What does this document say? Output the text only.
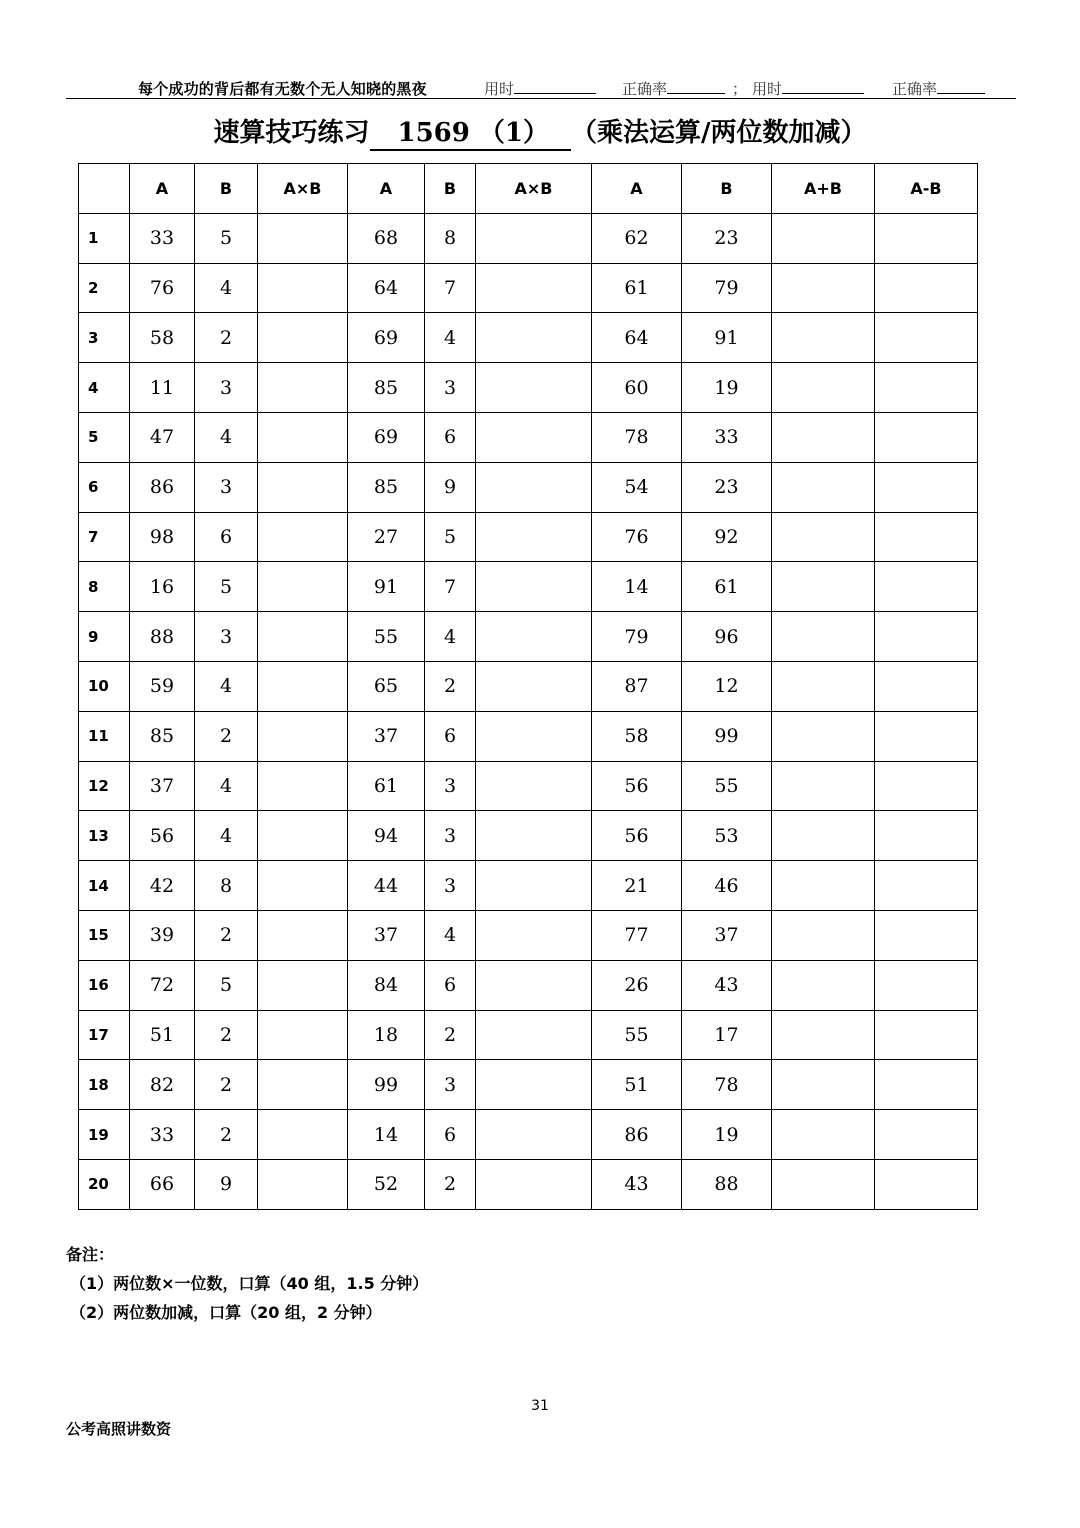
每个成功的背后都有无数个无人知晓的黑夜	用时	正确率	； 用时	正确率
速算技巧练习 1569 （1） （乘法运算/两位数加减）
	A	B	A×B	A	B	A×B	A	B	A+B	A-B
1	33	5		68	8		62	23		
2	76	4		64	7		61	79		
3	58	2		69	4		64	91		
4	11	3		85	3		60	19		
5	47	4		69	6		78	33		
6	86	3		85	9		54	23		
7	98	6		27	5		76	92		
8	16	5		91	7		14	61		
9	88	3		55	4		79	96		
10	59	4		65	2		87	12		
11	85	2		37	6		58	99		
12	37	4		61	3		56	55		
13	56	4		94	3		56	53		
14	42	8		44	3		21	46		
15	39	2		37	4		77	37		
16	72	5		84	6		26	43		
17	51	2		18	2		55	17		
18	82	2		99	3		51	78		
19	33	2		14	6		86	19		
20	66	9		52	2		43	88		
备注：
（1）两位数×一位数，口算（40 组，1.5 分钟）
（2）两位数加减，口算（20 组，2 分钟）
31
公考高照讲数资
